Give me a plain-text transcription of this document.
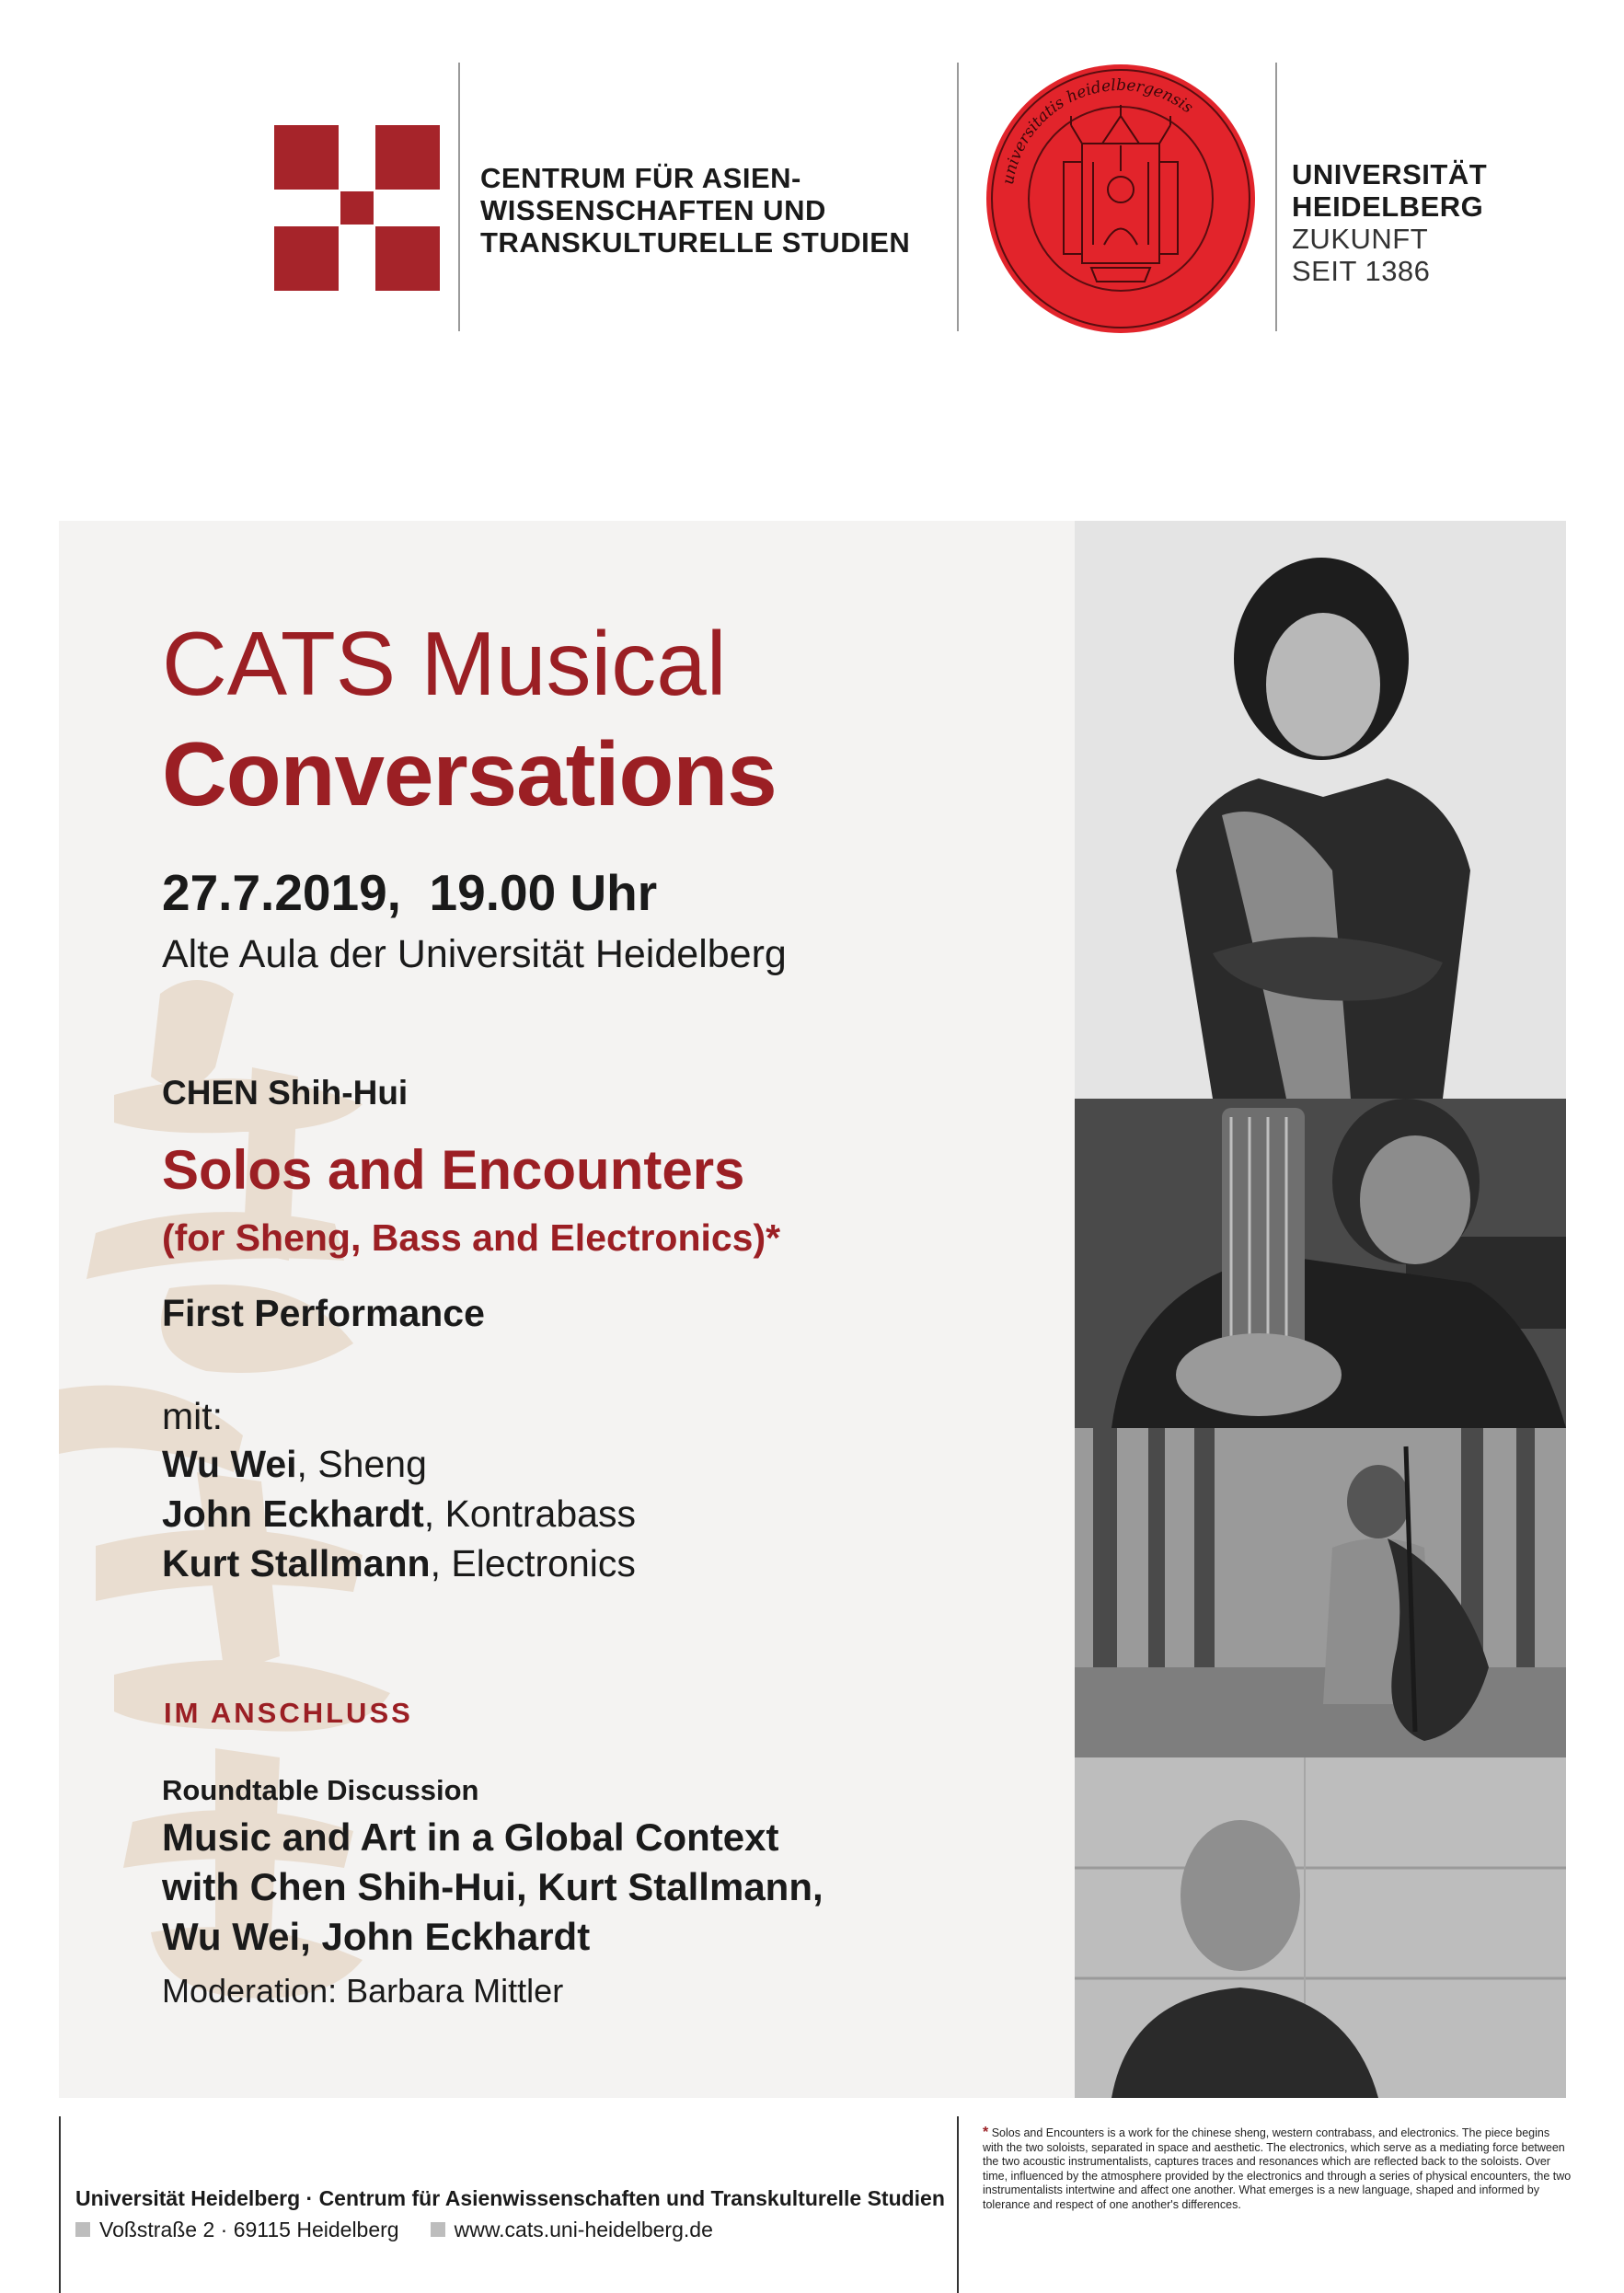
CENTRUM FÜR ASIEN-
WISSENSCHAFTEN UND
TRANSKULTURELLE STUDIEN
universitatis heidelbergensis
UNIVERSITÄT
HEIDELBERG
ZUKUNFT
SEIT 1386
CATS Musical
Conversations
27.7.2019,  19.00 Uhr
Alte Aula der Universität Heidelberg
CHEN Shih-Hui
Solos and Encounters
(for Sheng, Bass and Electronics)*
First Performance
mit:
Wu Wei, Sheng
John Eckhardt, Kontrabass
Kurt Stallmann, Electronics
IM ANSCHLUSS
Roundtable Discussion
Music and Art in a Global Context
with Chen Shih-Hui, Kurt Stallmann,
Wu Wei, John Eckhardt
Moderation: Barbara Mittler
Universität Heidelberg · Centrum für Asienwissenschaften und Transkulturelle Studien
Voßstraße 2 · 69115 Heidelberg	www.cats.uni-heidelberg.de
* Solos and Encounters is a work for the chinese sheng, western contrabass, and electronics. The piece begins with the two soloists, separated in space and aesthetic. The electronics, which serve as a mediating force between the two acoustic instrumentalists, captures traces and resonances which are reflected back to the soloists. Over time, influenced by the atmosphere provided by the electronics and through a series of physical encounters, the two instrumentalists intertwine and affect one another. What emerges is a new language, shaped and informed by tolerance and respect of one another's differences.
